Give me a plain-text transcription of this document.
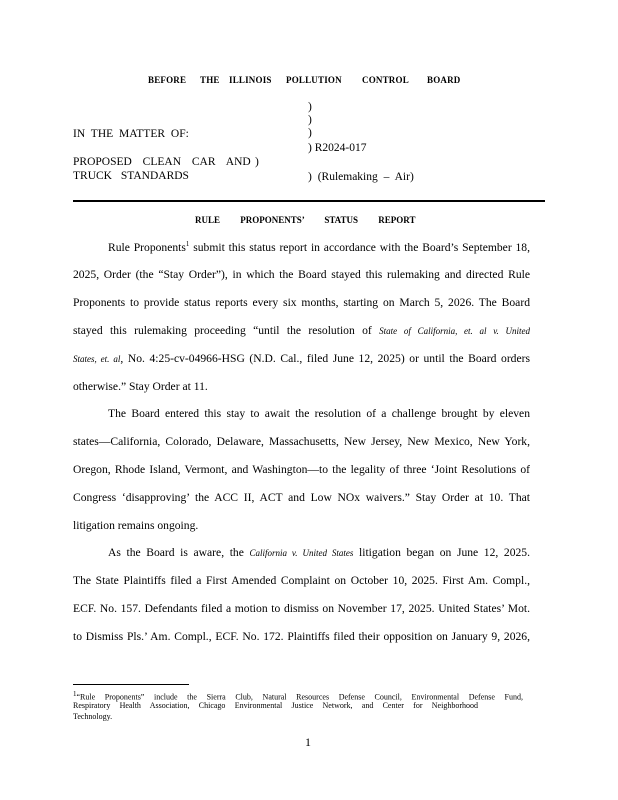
BEFORE THE ILLINOIS POLLUTION CONTROL BOARD
)
)
)
IN THE MATTER OF:
) R2024-017
PROPOSED CLEAN CAR AND )
TRUCK STANDARDS	) (Rulemaking – Air)
RULE PROPONENTS’ STATUS REPORT
Rule Proponents$^1$ submit this status report in accordance with the Board’s September 18,
2025, Order (the “Stay Order”), in which the Board stayed this rulemaking and directed Rule
Proponents to provide status reports every six months, starting on March 5, 2026. The Board
stayed this rulemaking proceeding “until the resolution of State of California, et. al v. United
States, et. al, No. 4:25-cv-04966-HSG (N.D. Cal., filed June 12, 2025) or until the Board orders
otherwise.” Stay Order at 11.
The Board entered this stay to await the resolution of a challenge brought by eleven
states—California, Colorado, Delaware, Massachusetts, New Jersey, New Mexico, New York,
Oregon, Rhode Island, Vermont, and Washington—to the legality of three ‘Joint Resolutions of
Congress ‘disapproving’ the ACC II, ACT and Low NOx waivers.” Stay Order at 10. That
litigation remains ongoing.
As the Board is aware, the California v. United States litigation began on June 12, 2025.
The State Plaintiffs filed a First Amended Complaint on October 10, 2025. First Am. Compl.,
ECF. No. 157. Defendants filed a motion to dismiss on November 17, 2025. United States’ Mot.
to Dismiss Pls.’ Am. Compl., ECF. No. 172. Plaintiffs filed their opposition on January 9, 2026,
1“Rule Proponents” include the Sierra Club, Natural Resources Defense Council, Environmental Defense Fund,
Respiratory Health Association, Chicago Environmental Justice Network, and Center for Neighborhood
Technology.
1
